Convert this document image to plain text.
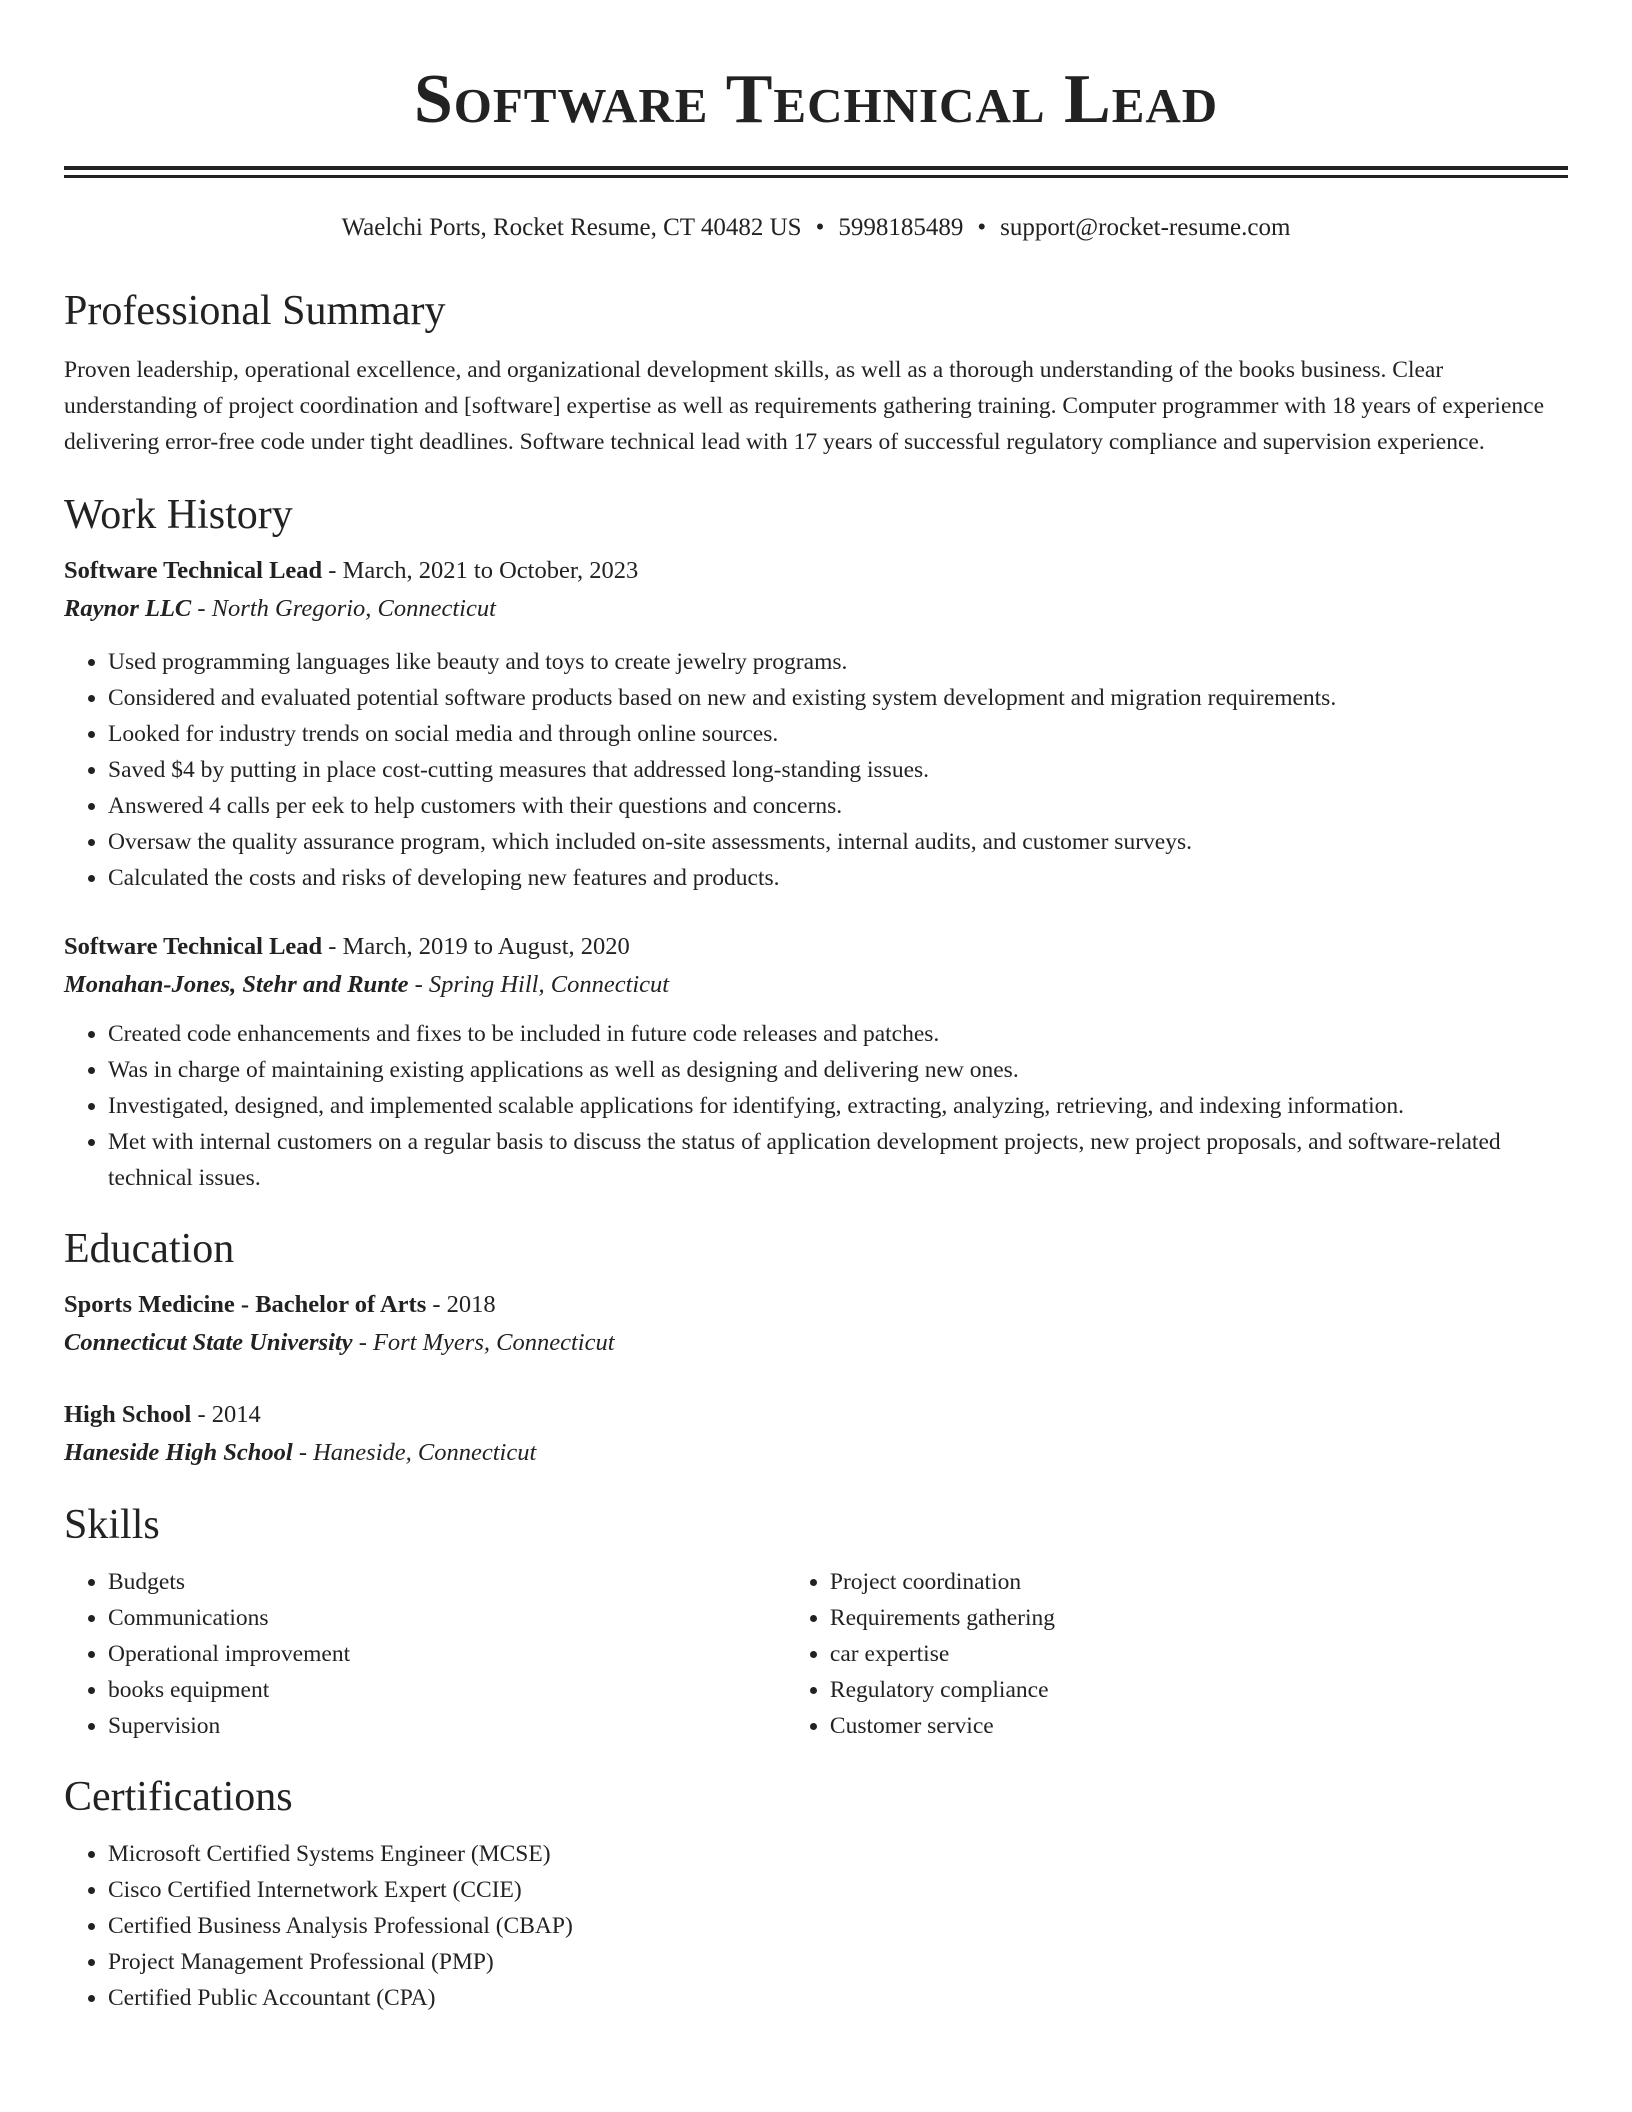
Software Technical Lead
Waelchi Ports, Rocket Resume, CT 40482 US • 5998185489 • support@rocket-resume.com
Professional Summary

Proven leadership, operational excellence, and organizational development skills, as well as a thorough understanding of the books business. Clear understanding of project coordination and [software] expertise as well as requirements gathering training. Computer programmer with 18 years of experience delivering error-free code under tight deadlines. Software technical lead with 17 years of successful regulatory compliance and supervision experience.

Work History
Software Technical Lead - March, 2021 to October, 2023
Raynor LLC - North Gregorio, Connecticut
• Used programming languages like beauty and toys to create jewelry programs.
• Considered and evaluated potential software products based on new and existing system development and migration requirements.
• Looked for industry trends on social media and through online sources.
• Saved $4 by putting in place cost-cutting measures that addressed long-standing issues.
• Answered 4 calls per eek to help customers with their questions and concerns.
• Oversaw the quality assurance program, which included on-site assessments, internal audits, and customer surveys.
• Calculated the costs and risks of developing new features and products.
Software Technical Lead - March, 2019 to August, 2020
Monahan-Jones, Stehr and Runte - Spring Hill, Connecticut
• Created code enhancements and fixes to be included in future code releases and patches.
• Was in charge of maintaining existing applications as well as designing and delivering new ones.
• Investigated, designed, and implemented scalable applications for identifying, extracting, analyzing, retrieving, and indexing information.
• Met with internal customers on a regular basis to discuss the status of application development projects, new project proposals, and software-related technical issues.
Education
Sports Medicine - Bachelor of Arts - 2018
Connecticut State University - Fort Myers, Connecticut
High School - 2014
Haneside High School - Haneside, Connecticut
Skills
• Budgets
• Communications
• Operational improvement
• books equipment
• Supervision
• Project coordination
• Requirements gathering
• car expertise
• Regulatory compliance
• Customer service
Certifications
• Microsoft Certified Systems Engineer (MCSE)
• Cisco Certified Internetwork Expert (CCIE)
• Certified Business Analysis Professional (CBAP)
• Project Management Professional (PMP)
• Certified Public Accountant (CPA)
